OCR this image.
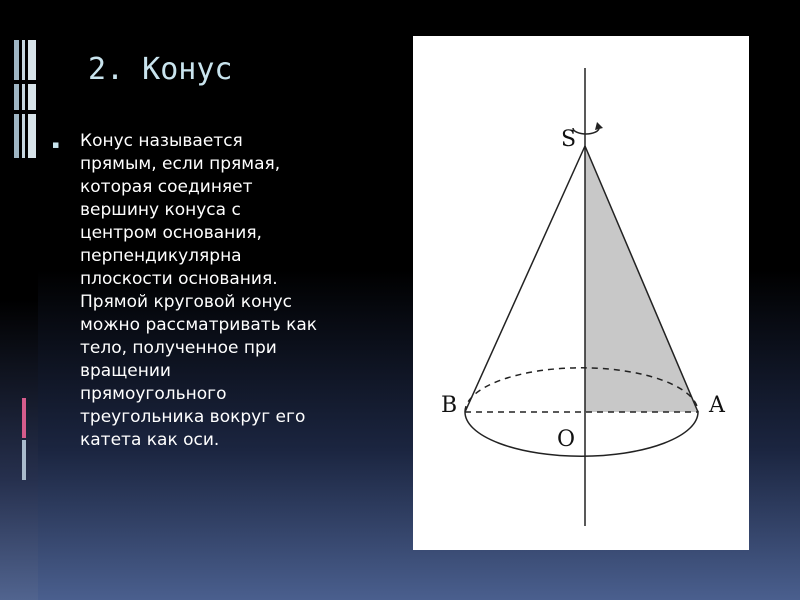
2. Конус
▪ Конус называется
прямым, если прямая,
которая соединяет
вершину конуса с
центром основания,
перпендикулярна
плоскости основания.
Прямой круговой конус
можно рассматривать как
тело, полученное при
вращении
прямоугольного
треугольника вокруг его
катета как оси.
S
B	A
O
